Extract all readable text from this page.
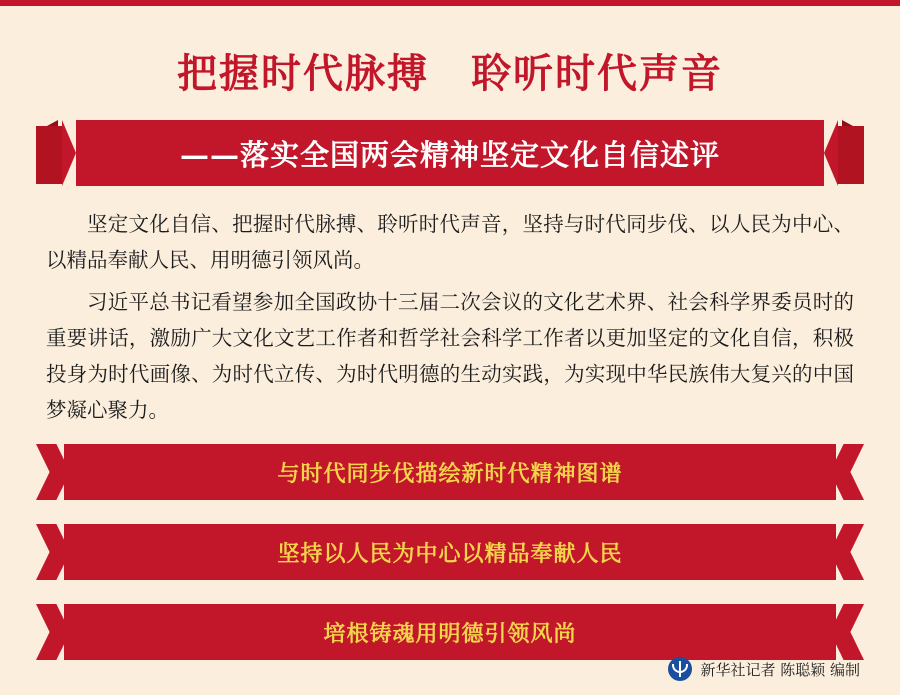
把握时代脉搏　聆听时代声音
——落实全国两会精神坚定文化自信述评

坚定文化自信、把握时代脉搏、聆听时代声音，坚持与时代同步伐、以人民为中心、以精品奉献人民、用明德引领风尚。

习近平总书记看望参加全国政协十三届二次会议的文化艺术界、社会科学界委员时的重要讲话，激励广大文化文艺工作者和哲学社会科学工作者以更加坚定的文化自信，积极投身为时代画像、为时代立传、为时代明德的生动实践，为实现中华民族伟大复兴的中国梦凝心聚力。

与时代同步伐描绘新时代精神图谱
坚持以人民为中心以精品奉献人民
培根铸魂用明德引领风尚
新华社记者 陈聪颖 编制
